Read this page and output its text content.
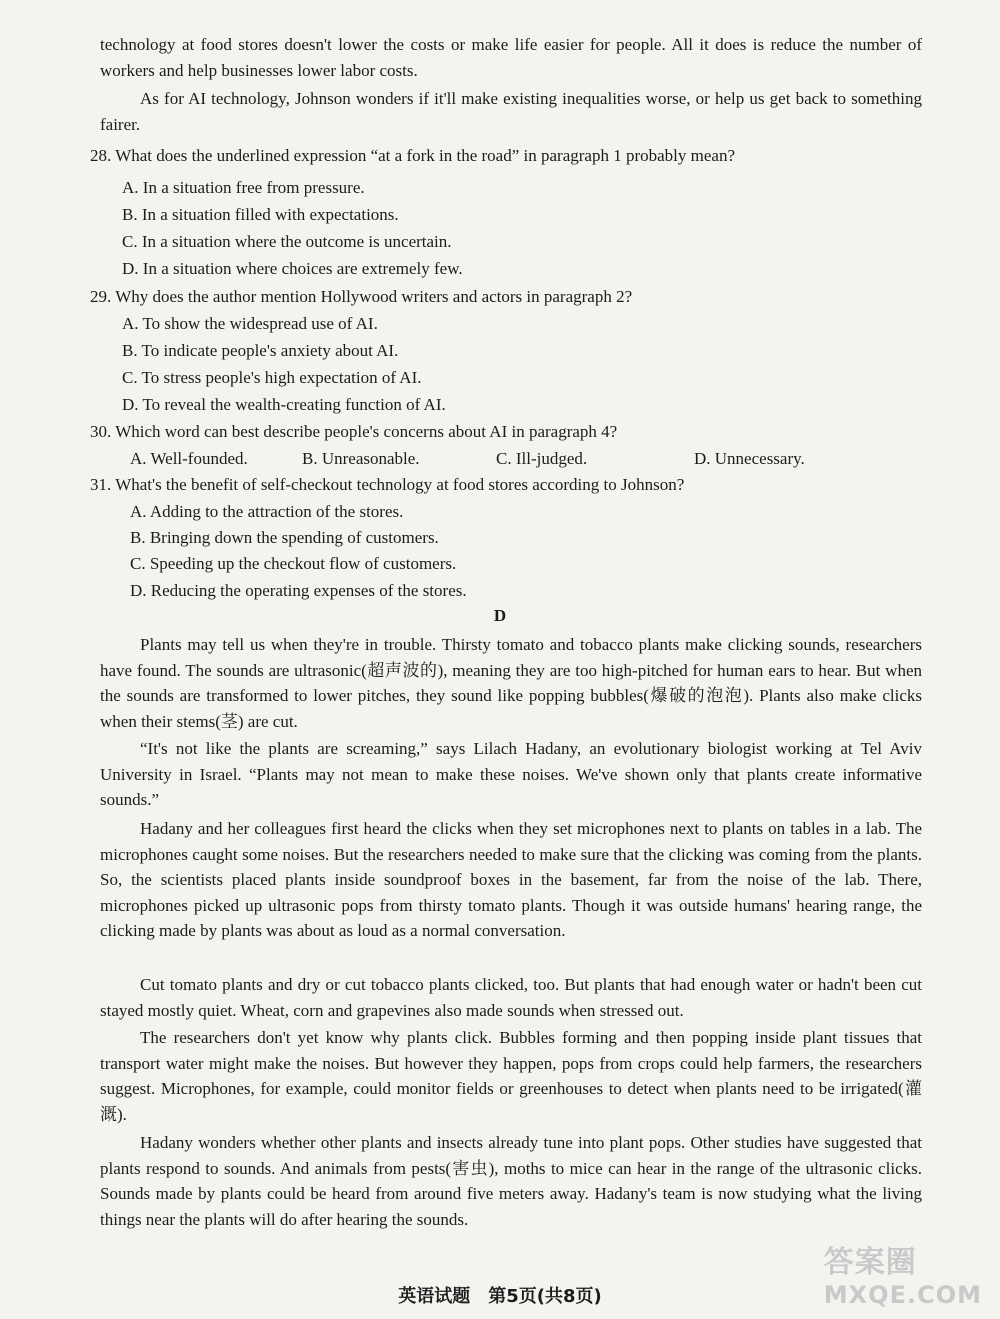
technology at food stores doesn't lower the costs or make life easier for people. All it does is reduce the number of workers and help businesses lower labor costs.

As for AI technology, Johnson wonders if it'll make existing inequalities worse, or help us get back to something fairer.

28. What does the underlined expression “at a fork in the road” in paragraph 1 probably mean?
A. In a situation free from pressure.
B. In a situation filled with expectations.
C. In a situation where the outcome is uncertain.
D. In a situation where choices are extremely few.
29. Why does the author mention Hollywood writers and actors in paragraph 2?
A. To show the widespread use of AI.
B. To indicate people's anxiety about AI.
C. To stress people's high expectation of AI.
D. To reveal the wealth-creating function of AI.
30. Which word can best describe people's concerns about AI in paragraph 4?
A. Well-founded.	B. Unreasonable.	C. Ill-judged.	D. Unnecessary.
31. What's the benefit of self-checkout technology at food stores according to Johnson?
A. Adding to the attraction of the stores.
B. Bringing down the spending of customers.
C. Speeding up the checkout flow of customers.
D. Reducing the operating expenses of the stores.
D

Plants may tell us when they're in trouble. Thirsty tomato and tobacco plants make clicking sounds, researchers have found. The sounds are ultrasonic(超声波的), meaning they are too high-pitched for human ears to hear. But when the sounds are transformed to lower pitches, they sound like popping bubbles(爆破的泡泡). Plants also make clicks when their stems(茎) are cut.

“It's not like the plants are screaming,” says Lilach Hadany, an evolutionary biologist working at Tel Aviv University in Israel. “Plants may not mean to make these noises. We've shown only that plants create informative sounds.”

Hadany and her colleagues first heard the clicks when they set microphones next to plants on tables in a lab. The microphones caught some noises. But the researchers needed to make sure that the clicking was coming from the plants. So, the scientists placed plants inside soundproof boxes in the basement, far from the noise of the lab. There, microphones picked up ultrasonic pops from thirsty tomato plants. Though it was outside humans' hearing range, the clicking made by plants was about as loud as a normal conversation.

Cut tomato plants and dry or cut tobacco plants clicked, too. But plants that had enough water or hadn't been cut stayed mostly quiet. Wheat, corn and grapevines also made sounds when stressed out.

The researchers don't yet know why plants click. Bubbles forming and then popping inside plant tissues that transport water might make the noises. But however they happen, pops from crops could help farmers, the researchers suggest. Microphones, for example, could monitor fields or greenhouses to detect when plants need to be irrigated(灌溉).

Hadany wonders whether other plants and insects already tune into plant pops. Other studies have suggested that plants respond to sounds. And animals from pests(害虫), moths to mice can hear in the range of the ultrasonic clicks. Sounds made by plants could be heard from around five meters away. Hadany's team is now studying what the living things near the plants will do after hearing the sounds.

英语试题　第5页(共8页)
答案圈
MXQE.COM
